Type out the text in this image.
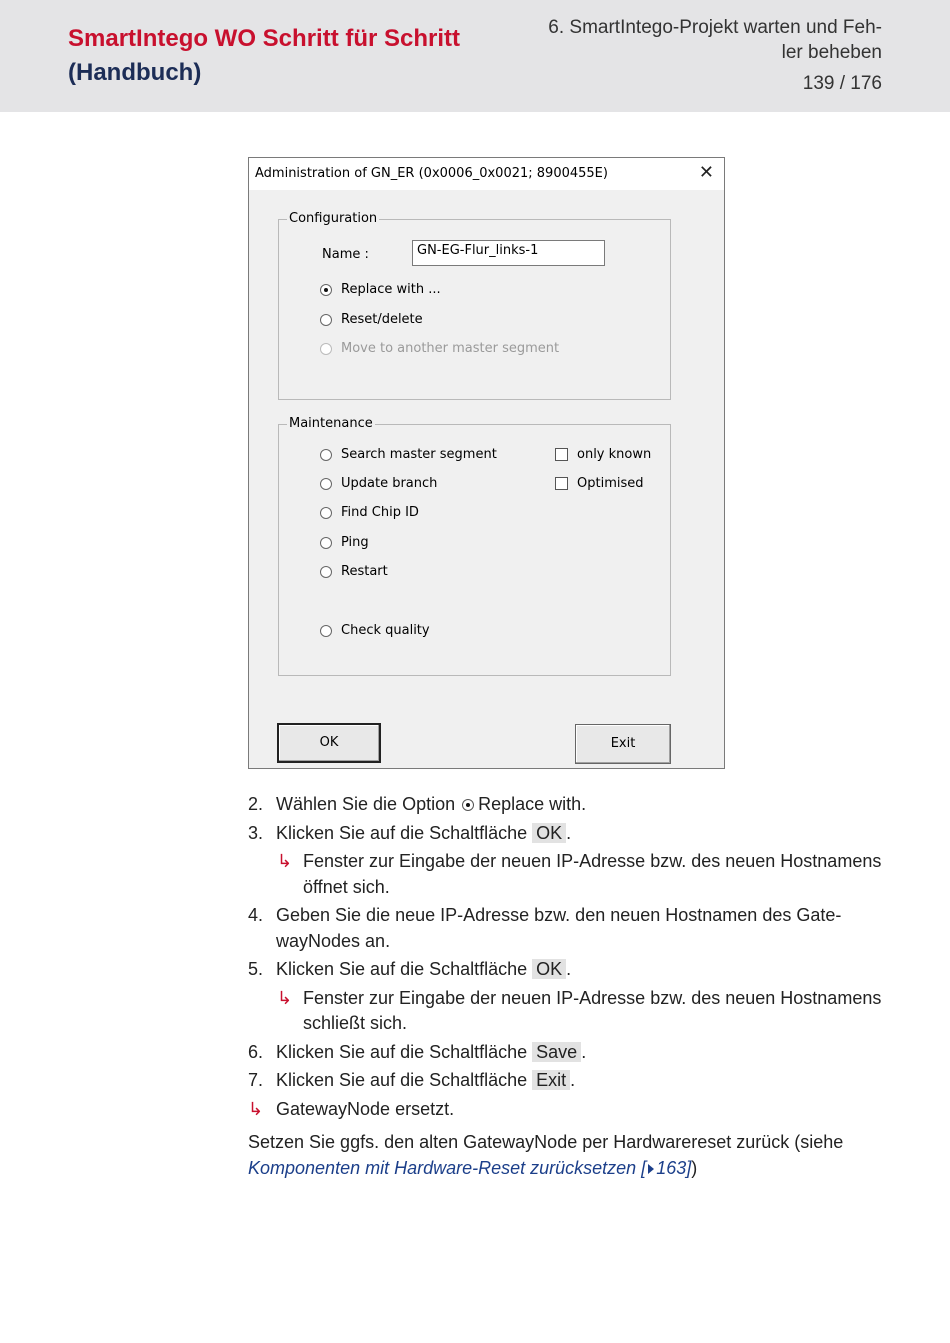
SmartIntego WO Schritt für Schritt
(Handbuch)
6. SmartIntego-Projekt warten und Feh-
ler beheben
139 / 176
Administration of GN_ER (0x0006_0x0021; 8900455E)	✕
Configuration
Name :	GN-EG-Flur_links-1
Replace with ...
Reset/delete
Move to another master segment
Maintenance
Search master segment
Update branch
Find Chip ID
Ping
Restart
Check quality
only known
Optimised
OK	Exit
2. Wählen Sie die Option Replace with.
3. Klicken Sie auf die Schaltfläche OK .
↳ Fenster zur Eingabe der neuen IP-Adresse bzw. des neuen Hostnamens öffnet sich.
4. Geben Sie die neue IP-Adresse bzw. den neuen Hostnamen des Gate-wayNodes an.
5. Klicken Sie auf die Schaltfläche OK .
↳ Fenster zur Eingabe der neuen IP-Adresse bzw. des neuen Hostnamens schließt sich.
6. Klicken Sie auf die Schaltfläche Save .
7. Klicken Sie auf die Schaltfläche Exit .
↳ GatewayNode ersetzt.
Setzen Sie ggfs. den alten GatewayNode per Hardwarereset zurück (siehe
Komponenten mit Hardware-Reset zurücksetzen [ 163])
